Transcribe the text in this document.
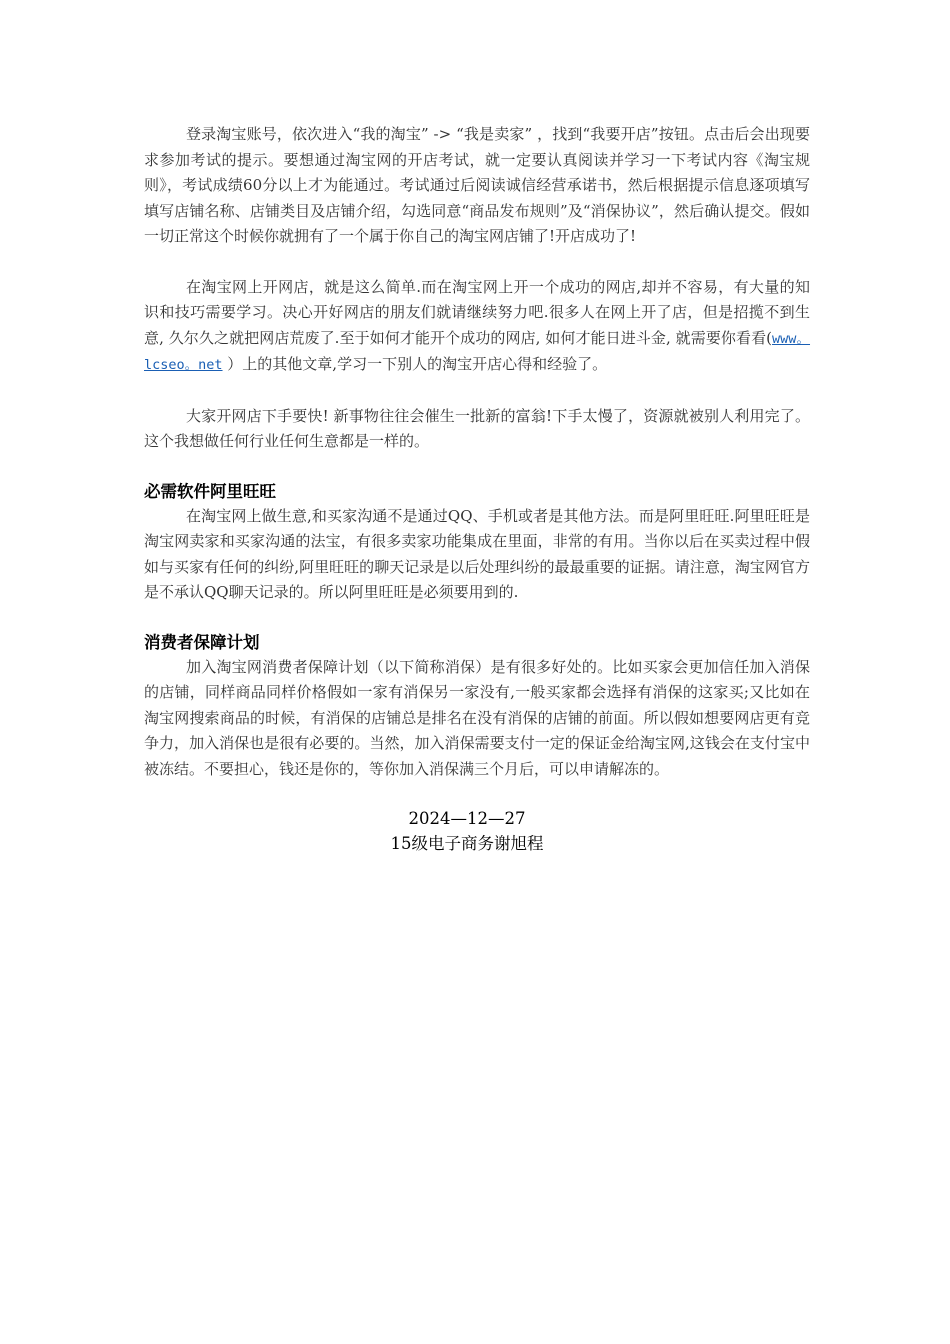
登录淘宝账号，依次进入“我的淘宝” -> “我是卖家” ，找到“我要开店”按钮。点击后会出现要求参加考试的提示。要想通过淘宝网的开店考试，就一定要认真阅读并学习一下考试内容《淘宝规则》，考试成绩60分以上才为能通过。考试通过后阅读诚信经营承诺书，然后根据提示信息逐项填写填写店铺名称、店铺类目及店铺介绍，勾选同意“商品发布规则”及“消保协议”，然后确认提交。假如一切正常这个时候你就拥有了一个属于你自己的淘宝网店铺了!开店成功了!

在淘宝网上开网店，就是这么简单.而在淘宝网上开一个成功的网店,却并不容易，有大量的知识和技巧需要学习。决心开好网店的朋友们就请继续努力吧.很多人在网上开了店，但是招揽不到生意, 久尔久之就把网店荒废了.至于如何才能开个成功的网店, 如何才能日进斗金, 就需要你看看(www。lcseo。net ）上的其他文章,学习一下别人的淘宝开店心得和经验了。

大家开网店下手要快! 新事物往往会催生一批新的富翁!下手太慢了，资源就被别人利用完了。这个我想做任何行业任何生意都是一样的。

必需软件阿里旺旺

在淘宝网上做生意,和买家沟通不是通过QQ、手机或者是其他方法。而是阿里旺旺.阿里旺旺是淘宝网卖家和买家沟通的法宝，有很多卖家功能集成在里面，非常的有用。当你以后在买卖过程中假如与买家有任何的纠纷,阿里旺旺的聊天记录是以后处理纠纷的最最重要的证据。请注意，淘宝网官方是不承认QQ聊天记录的。所以阿里旺旺是必须要用到的.

消费者保障计划

加入淘宝网消费者保障计划（以下简称消保）是有很多好处的。比如买家会更加信任加入消保的店铺，同样商品同样价格假如一家有消保另一家没有,一般买家都会选择有消保的这家买;又比如在淘宝网搜索商品的时候，有消保的店铺总是排名在没有消保的店铺的前面。所以假如想要网店更有竞争力，加入消保也是很有必要的。当然，加入消保需要支付一定的保证金给淘宝网,这钱会在支付宝中被冻结。不要担心，钱还是你的，等你加入消保满三个月后，可以申请解冻的。

2024—12—27
15级电子商务谢旭程
